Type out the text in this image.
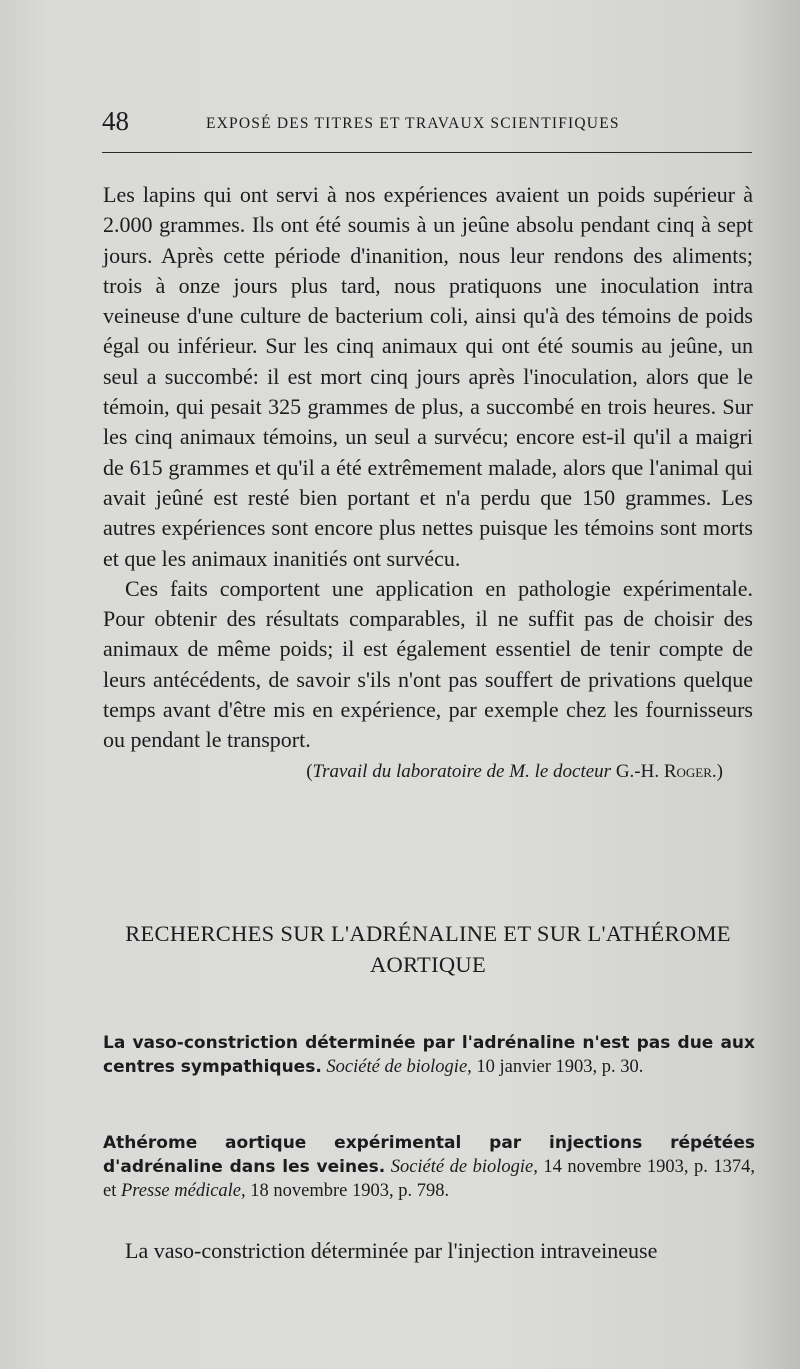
48	EXPOSÉ DES TITRES ET TRAVAUX SCIENTIFIQUES

Les lapins qui ont servi à nos expériences avaient un poids supérieur à 2.000 grammes. Ils ont été soumis à un jeûne absolu pendant cinq à sept jours. Après cette période d'inanition, nous leur rendons des aliments; trois à onze jours plus tard, nous pratiquons une inoculation intra veineuse d'une culture de bacterium coli, ainsi qu'à des témoins de poids égal ou inférieur. Sur les cinq animaux qui ont été soumis au jeûne, un seul a succombé: il est mort cinq jours après l'inoculation, alors que le témoin, qui pesait 325 grammes de plus, a succombé en trois heures. Sur les cinq animaux témoins, un seul a survécu; encore est-il qu'il a maigri de 615 grammes et qu'il a été extrêmement malade, alors que l'animal qui avait jeûné est resté bien portant et n'a perdu que 150 grammes. Les autres expériences sont encore plus nettes puisque les témoins sont morts et que les animaux inanitiés ont survécu.

Ces faits comportent une application en pathologie expérimentale. Pour obtenir des résultats comparables, il ne suffit pas de choisir des animaux de même poids; il est également essentiel de tenir compte de leurs antécédents, de savoir s'ils n'ont pas souffert de privations quelque temps avant d'être mis en expérience, par exemple chez les fournisseurs ou pendant le transport.

(Travail du laboratoire de M. le docteur G.-H. Roger.)
RECHERCHES SUR L'ADRÉNALINE ET SUR L'ATHÉROME AORTIQUE
La vaso-constriction déterminée par l'adrénaline n'est pas due aux centres sympathiques. Société de biologie, 10 janvier 1903, p. 30.
Athérome aortique expérimental par injections répétées d'adrénaline dans les veines. Société de biologie, 14 novembre 1903, p. 1374, et Presse médicale, 18 novembre 1903, p. 798.
La vaso-constriction déterminée par l'injection intraveineuse
